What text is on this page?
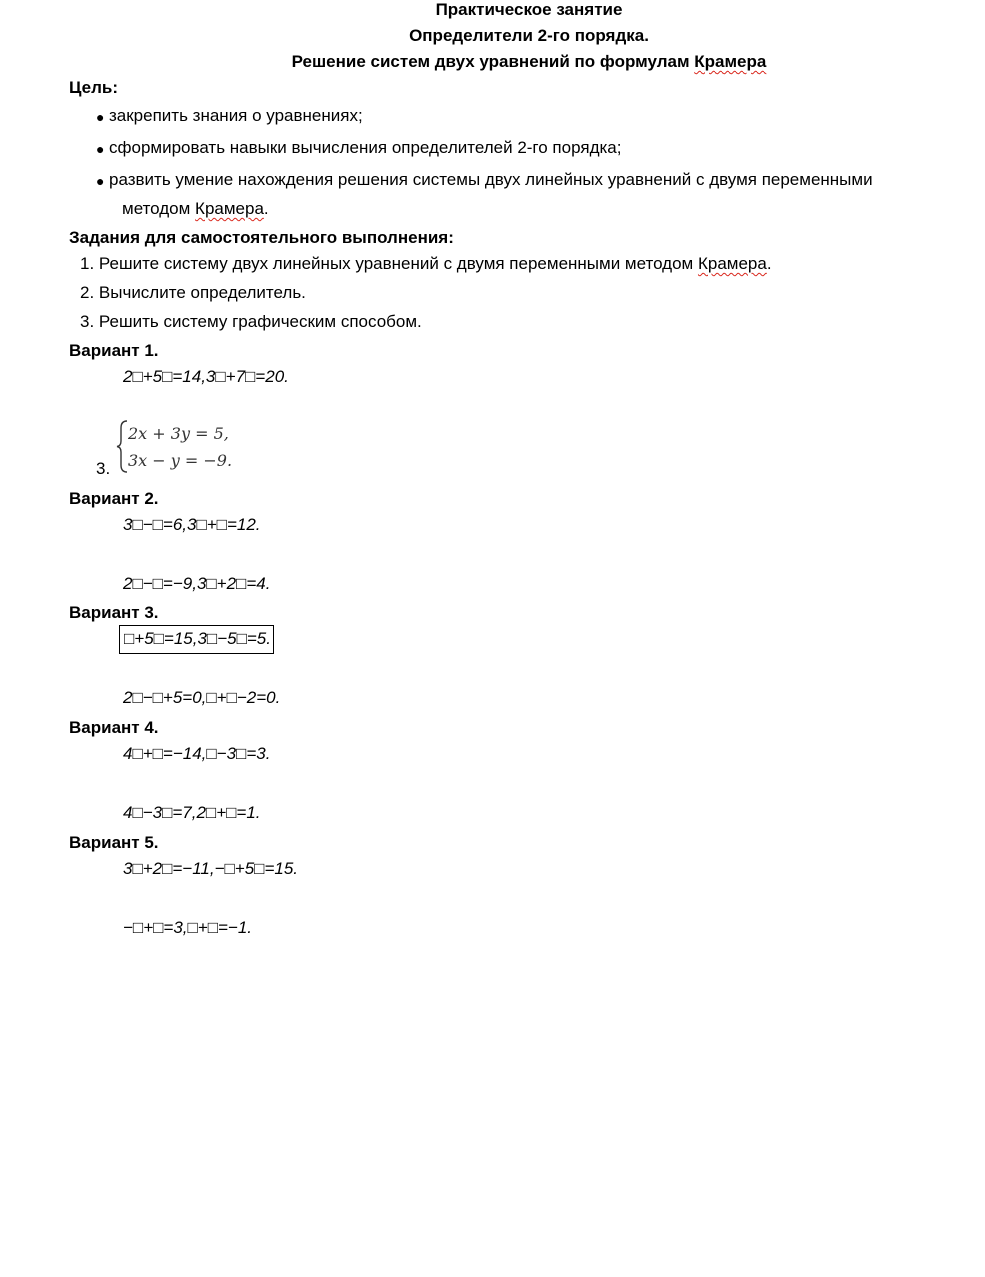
Практическое занятие
Определители 2-го порядка.
Решение систем двух уравнений по формулам Крамера
Цель:
● закрепить знания о уравнениях;
● сформировать навыки вычисления определителей 2-го порядка;
● развить умение нахождения решения системы двух линейных уравнений с двумя переменными
методом Крамера.
Задания для самостоятельного выполнения:
1. Решите систему двух линейных уравнений с двумя переменными методом Крамера.
2. Вычислите определитель.
3. Решить систему графическим способом.
Вариант 1.
2□+5□=14,3□+7□=20.
3.
2x + 3y = 5,
3x − y = −9.
Вариант 2.
3□−□=6,3□+□=12.
2□−□=−9,3□+2□=4.
Вариант 3.
□+5□=15,3□−5□=5.
2□−□+5=0,□+□−2=0.
Вариант 4.
4□+□=−14,□−3□=3.
4□−3□=7,2□+□=1.
Вариант 5.
3□+2□=−11,−□+5□=15.
−□+□=3,□+□=−1.
